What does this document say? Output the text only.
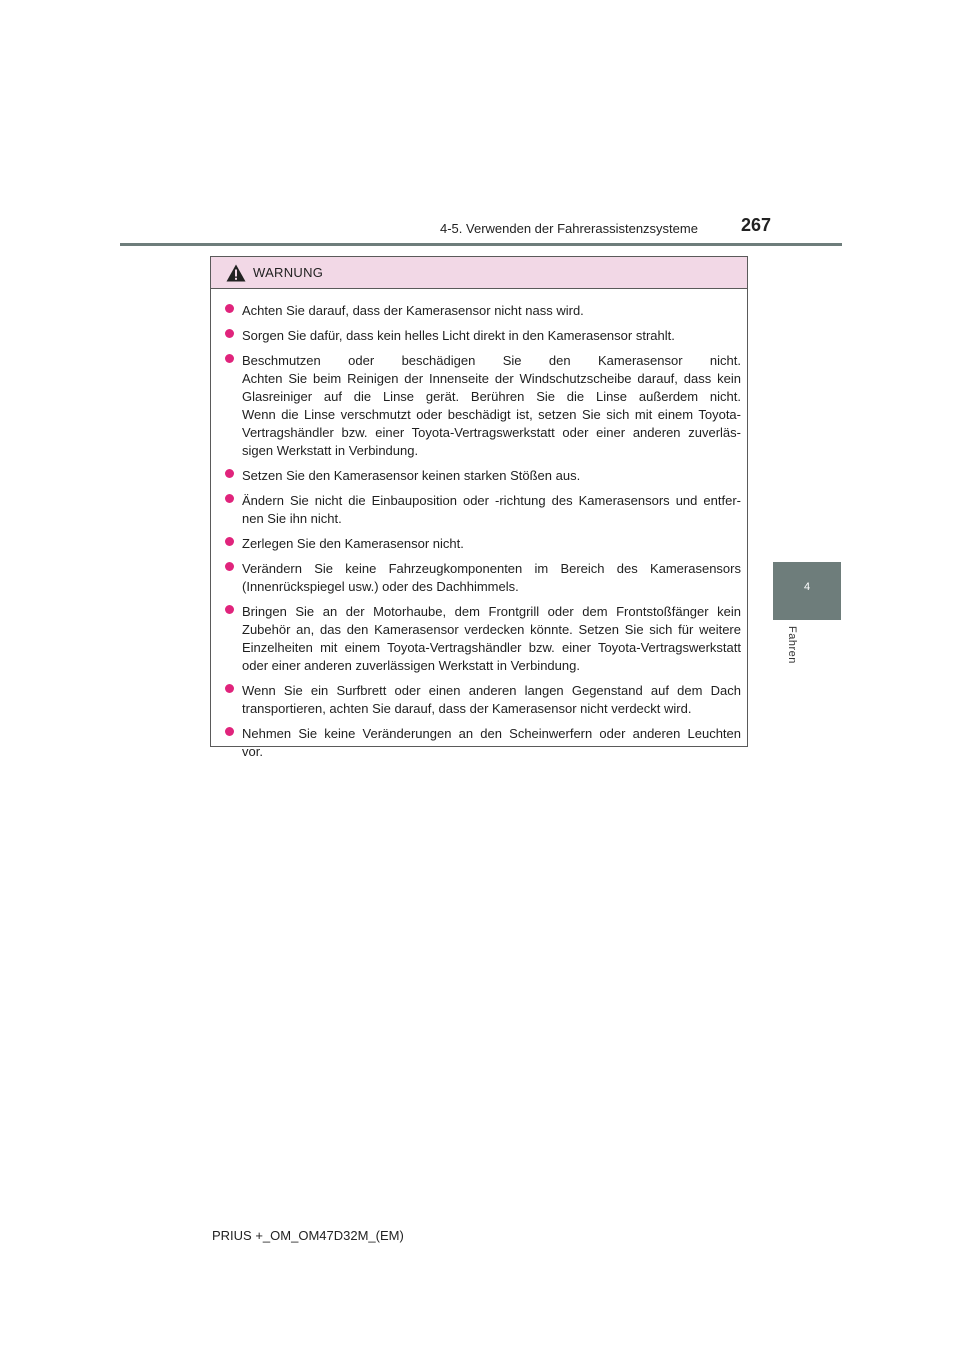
4-5. Verwenden der Fahrerassistenzsysteme 267
4
Fahren
WARNUNG
Achten Sie darauf, dass der Kamerasensor nicht nass wird.
Sorgen Sie dafür, dass kein helles Licht direkt in den Kamerasensor strahlt.
Beschmutzen oder beschädigen Sie den Kamerasensor nicht.
Achten Sie beim Reinigen der Innenseite der Windschutzscheibe darauf, dass kein
Glasreiniger auf die Linse gerät. Berühren Sie die Linse außerdem nicht.
Wenn die Linse verschmutzt oder beschädigt ist, setzen Sie sich mit einem Toyota-
Vertragshändler bzw. einer Toyota-Vertragswerkstatt oder einer anderen zuverläs-
sigen Werkstatt in Verbindung.
Setzen Sie den Kamerasensor keinen starken Stößen aus.
Ändern Sie nicht die Einbauposition oder -richtung des Kamerasensors und entfer-
nen Sie ihn nicht.
Zerlegen Sie den Kamerasensor nicht.
Verändern Sie keine Fahrzeugkomponenten im Bereich des Kamerasensors
(Innenrückspiegel usw.) oder des Dachhimmels.
Bringen Sie an der Motorhaube, dem Frontgrill oder dem Frontstoßfänger kein
Zubehör an, das den Kamerasensor verdecken könnte. Setzen Sie sich für weitere
Einzelheiten mit einem Toyota-Vertragshändler bzw. einer Toyota-Vertragswerkstatt
oder einer anderen zuverlässigen Werkstatt in Verbindung.
Wenn Sie ein Surfbrett oder einen anderen langen Gegenstand auf dem Dach
transportieren, achten Sie darauf, dass der Kamerasensor nicht verdeckt wird.
Nehmen Sie keine Veränderungen an den Scheinwerfern oder anderen Leuchten
vor.
PRIUS +_OM_OM47D32M_(EM)
